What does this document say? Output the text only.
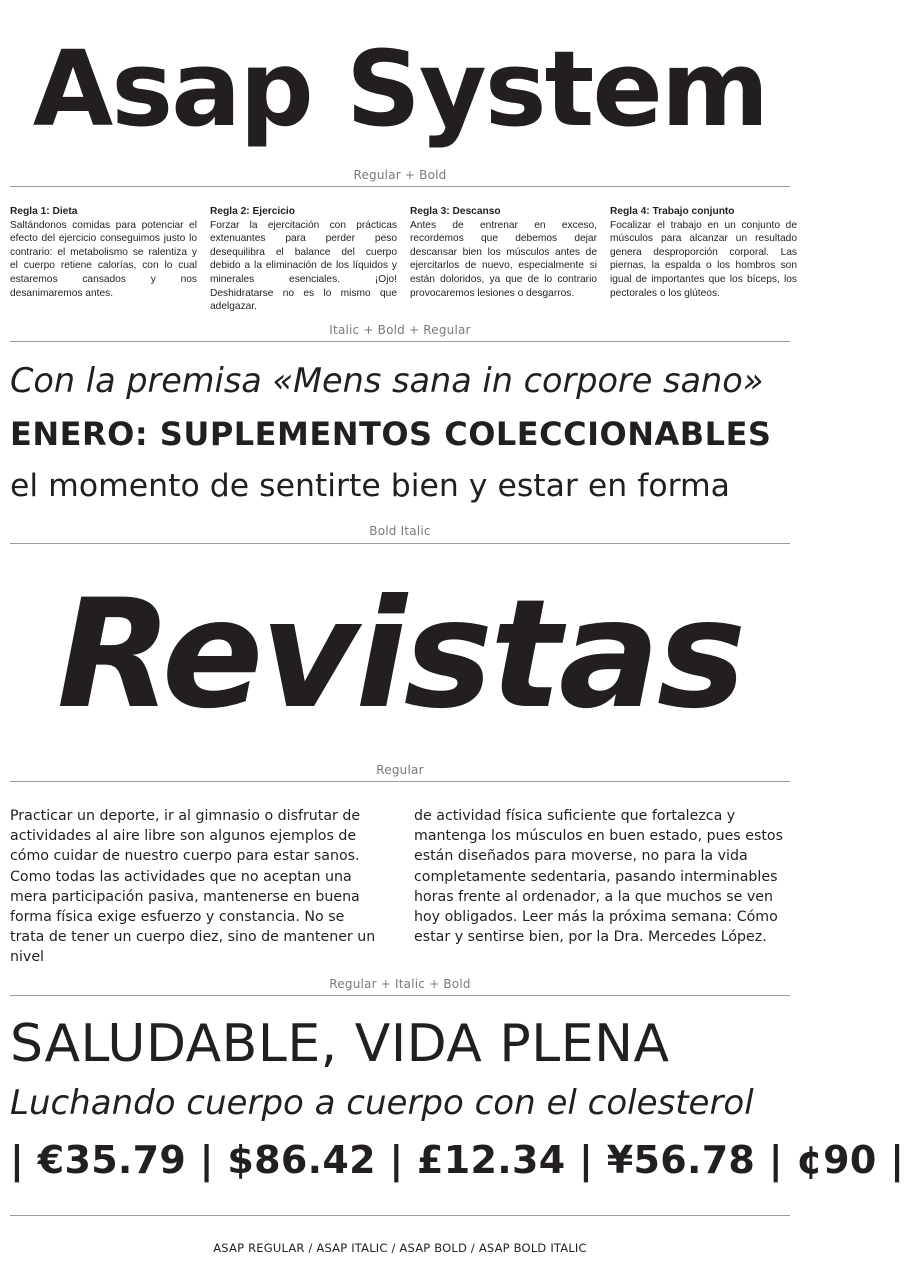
Asap System
Regular + Bold
Regla 1: Dieta
Saltándonos comidas para potenciar el efecto del ejercicio conseguimos justo lo contrario: el metabolismo se ralentiza y el cuerpo retiene calorías, con lo cual estaremos cansados y nos desanimaremos antes.
Regla 2: Ejercicio
Forzar la ejercitación con prácticas extenuantes para perder peso desequilibra el balance del cuerpo debido a la eliminación de los líquidos y minerales esenciales. ¡Ojo! Deshidratarse no es lo mismo que adelgazar.
Regla 3: Descanso
Antes de entrenar en exceso, recordemos que debemos dejar descansar bien los músculos antes de ejercitarlos de nuevo, especialmente si están doloridos, ya que de lo contrario provocaremos lesiones o desgarros.
Regla 4: Trabajo conjunto
Focalizar el trabajo en un conjunto de músculos para alcanzar un resultado genera desproporción corporal. Las piernas, la espalda o los hombros son igual de importantes que los bíceps, los pectorales o los glúteos.
Italic + Bold + Regular
Con la premisa «Mens sana in corpore sano»
ENERO: SUPLEMENTOS COLECCIONABLES
el momento de sentirte bien y estar en forma
Bold Italic
Revistas
Regular
Practicar un deporte, ir al gimnasio o disfrutar de actividades al aire libre son algunos ejemplos de cómo cuidar de nuestro cuerpo para estar sanos. Como todas las actividades que no aceptan una mera participación pasiva, mantenerse en buena forma física exige esfuerzo y constancia. No se trata de tener un cuerpo diez, sino de mantener un nivel
de actividad física suficiente que fortalezca y mantenga los músculos en buen estado, pues estos están diseñados para moverse, no para la vida completamente sedentaria, pasando interminables horas frente al ordenador, a la que muchos se ven hoy obligados. Leer más la próxima semana: Cómo estar y sentirse bien, por la Dra. Mercedes López.
Regular + Italic + Bold
SALUDABLE, VIDA PLENA
Luchando cuerpo a cuerpo con el colesterol
| €35.79 | $86.42 | £12.34 | ¥56.78 | ¢90 |
ASAP REGULAR / ASAP ITALIC / ASAP BOLD / ASAP BOLD ITALIC
